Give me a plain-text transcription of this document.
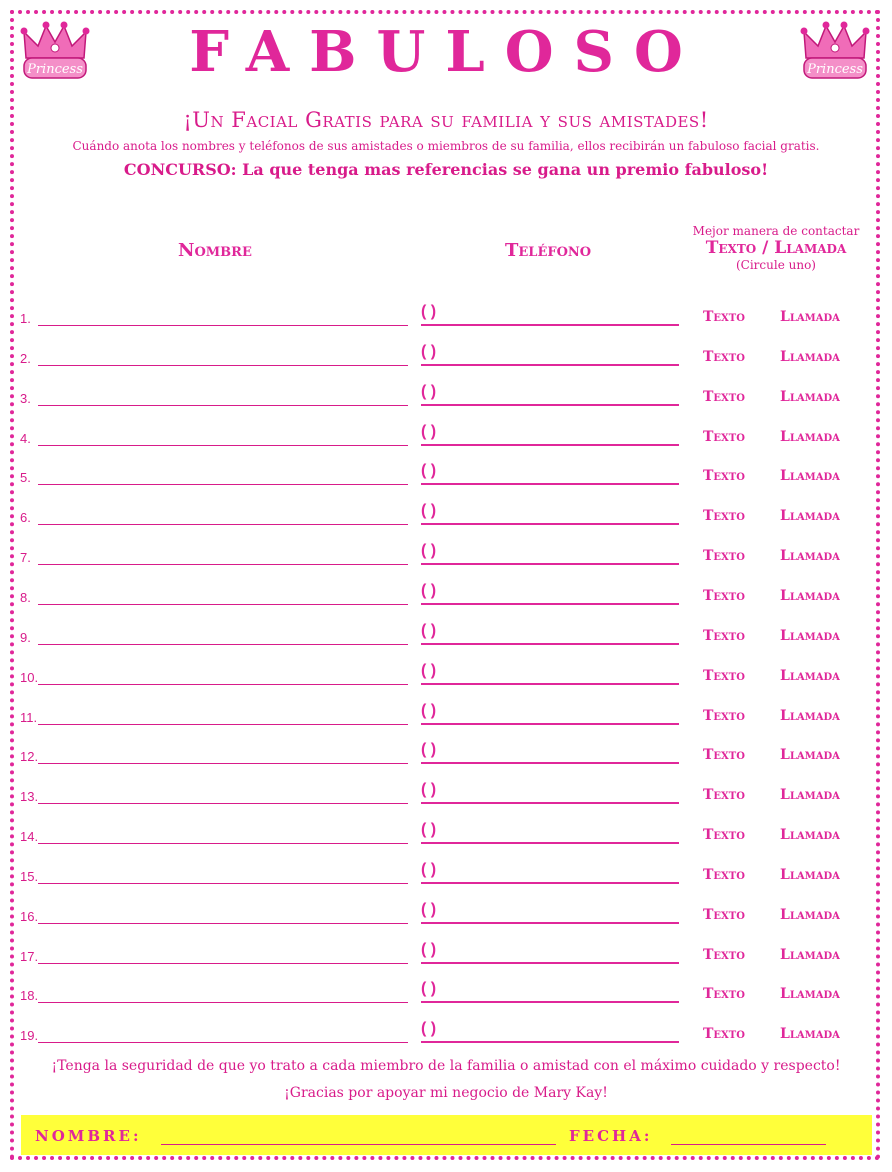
Princess	Princess
FABULOSO
¡Un Facial Gratis para su familia y sus amistades!
Cuándo anota los nombres y teléfonos de sus amistades o miembros de su familia, ellos recibirán un fabuloso facial gratis.
CONCURSO: La que tenga mas referencias se gana un premio fabuloso!
Nombre	Teléfono
Mejor manera de contactar
Texto / Llamada
(Circule uno)
1.	( )	Texto	Llamada
2.	( )	Texto	Llamada
3.	( )	Texto	Llamada
4.	( )	Texto	Llamada
5.	( )	Texto	Llamada
6.	( )	Texto	Llamada
7.	( )	Texto	Llamada
8.	( )	Texto	Llamada
9.	( )	Texto	Llamada
10.	( )	Texto	Llamada
11.	( )	Texto	Llamada
12.	( )	Texto	Llamada
13.	( )	Texto	Llamada
14.	( )	Texto	Llamada
15.	( )	Texto	Llamada
16.	( )	Texto	Llamada
17.	( )	Texto	Llamada
18.	( )	Texto	Llamada
19.	( )	Texto	Llamada
¡Tenga la seguridad de que yo trato a cada miembro de la familia o amistad con el máximo cuidado y respecto!
¡Gracias por apoyar mi negocio de Mary Kay!
NOMBRE:	FECHA:
